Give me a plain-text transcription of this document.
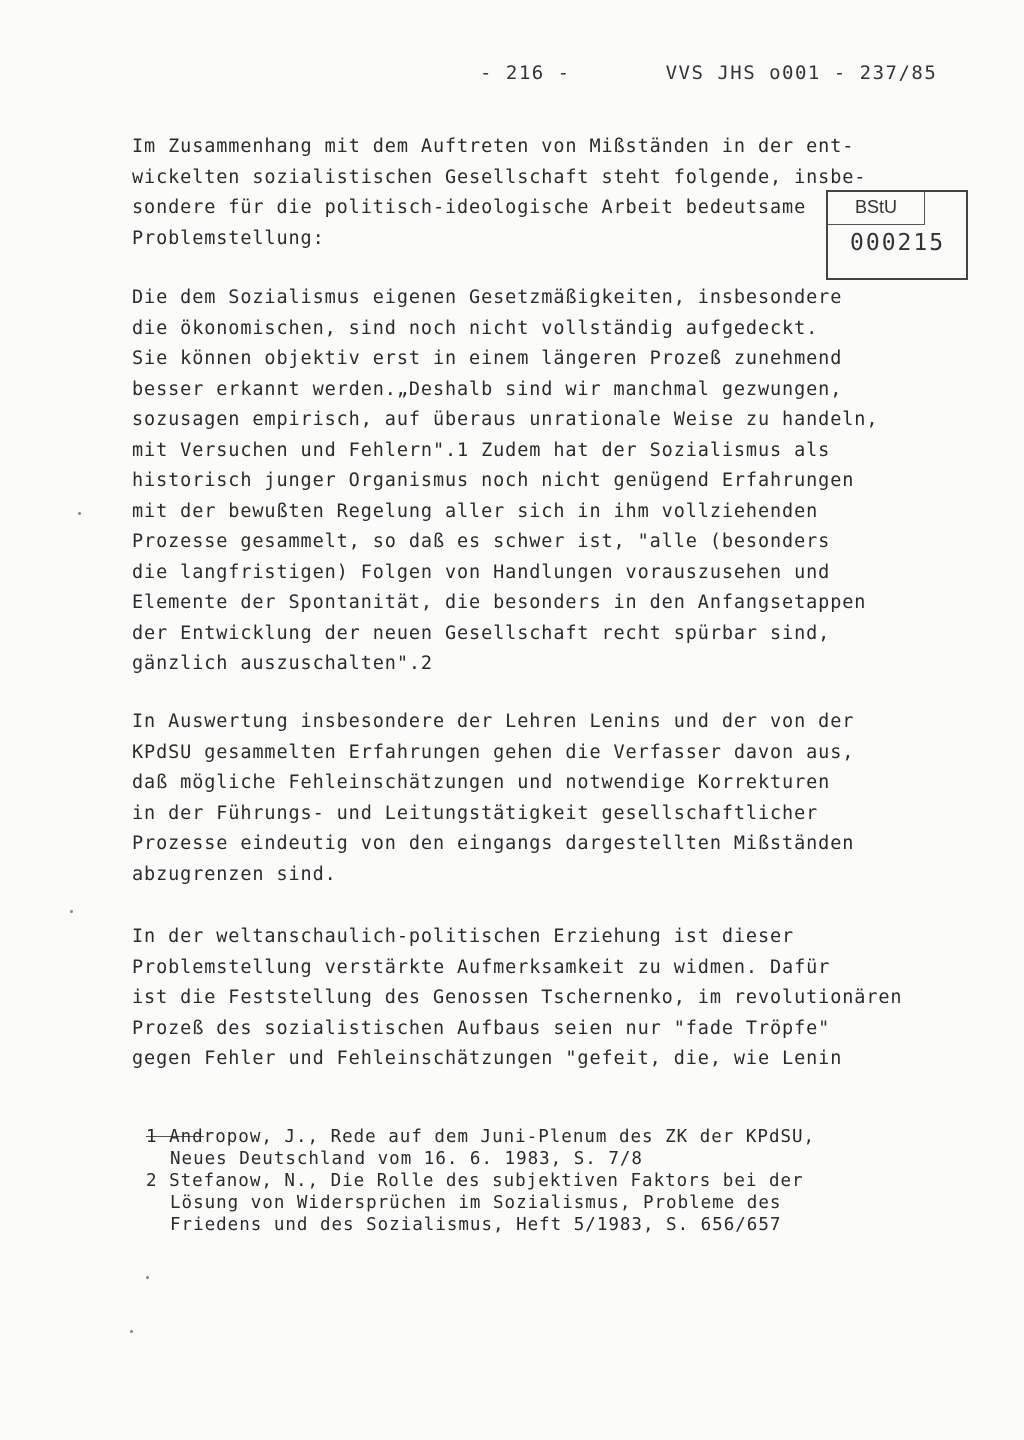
- 216 -	VVS JHS o001 - 237/85
BStU
000215
Im Zusammenhang mit dem Auftreten von Mißständen in der ent-
wickelten sozialistischen Gesellschaft steht folgende, insbe-
sondere für die politisch-ideologische Arbeit bedeutsame
Problemstellung:
Die dem Sozialismus eigenen Gesetzmäßigkeiten, insbesondere
die ökonomischen, sind noch nicht vollständig aufgedeckt.
Sie können objektiv erst in einem längeren Prozeß zunehmend
besser erkannt werden.„Deshalb sind wir manchmal gezwungen,
sozusagen empirisch, auf überaus unrationale Weise zu handeln,
mit Versuchen und Fehlern".1 Zudem hat der Sozialismus als
historisch junger Organismus noch nicht genügend Erfahrungen
mit der bewußten Regelung aller sich in ihm vollziehenden
Prozesse gesammelt, so daß es schwer ist, "alle (besonders
die langfristigen) Folgen von Handlungen vorauszusehen und
Elemente der Spontanität, die besonders in den Anfangsetappen
der Entwicklung der neuen Gesellschaft recht spürbar sind,
gänzlich auszuschalten".2
In Auswertung insbesondere der Lehren Lenins und der von der
KPdSU gesammelten Erfahrungen gehen die Verfasser davon aus,
daß mögliche Fehleinschätzungen und notwendige Korrekturen
in der Führungs- und Leitungstätigkeit gesellschaftlicher
Prozesse eindeutig von den eingangs dargestellten Mißständen
abzugrenzen sind.
In der weltanschaulich-politischen Erziehung ist dieser
Problemstellung verstärkte Aufmerksamkeit zu widmen. Dafür
ist die Feststellung des Genossen Tschernenko, im revolutionären
Prozeß des sozialistischen Aufbaus seien nur "fade Tröpfe"
gegen Fehler und Fehleinschätzungen "gefeit, die, wie Lenin
1 Andropow, J., Rede auf dem Juni-Plenum des ZK der KPdSU,
Neues Deutschland vom 16. 6. 1983, S. 7/8
2 Stefanow, N., Die Rolle des subjektiven Faktors bei der
Lösung von Widersprüchen im Sozialismus, Probleme des
Friedens und des Sozialismus, Heft 5/1983, S. 656/657
